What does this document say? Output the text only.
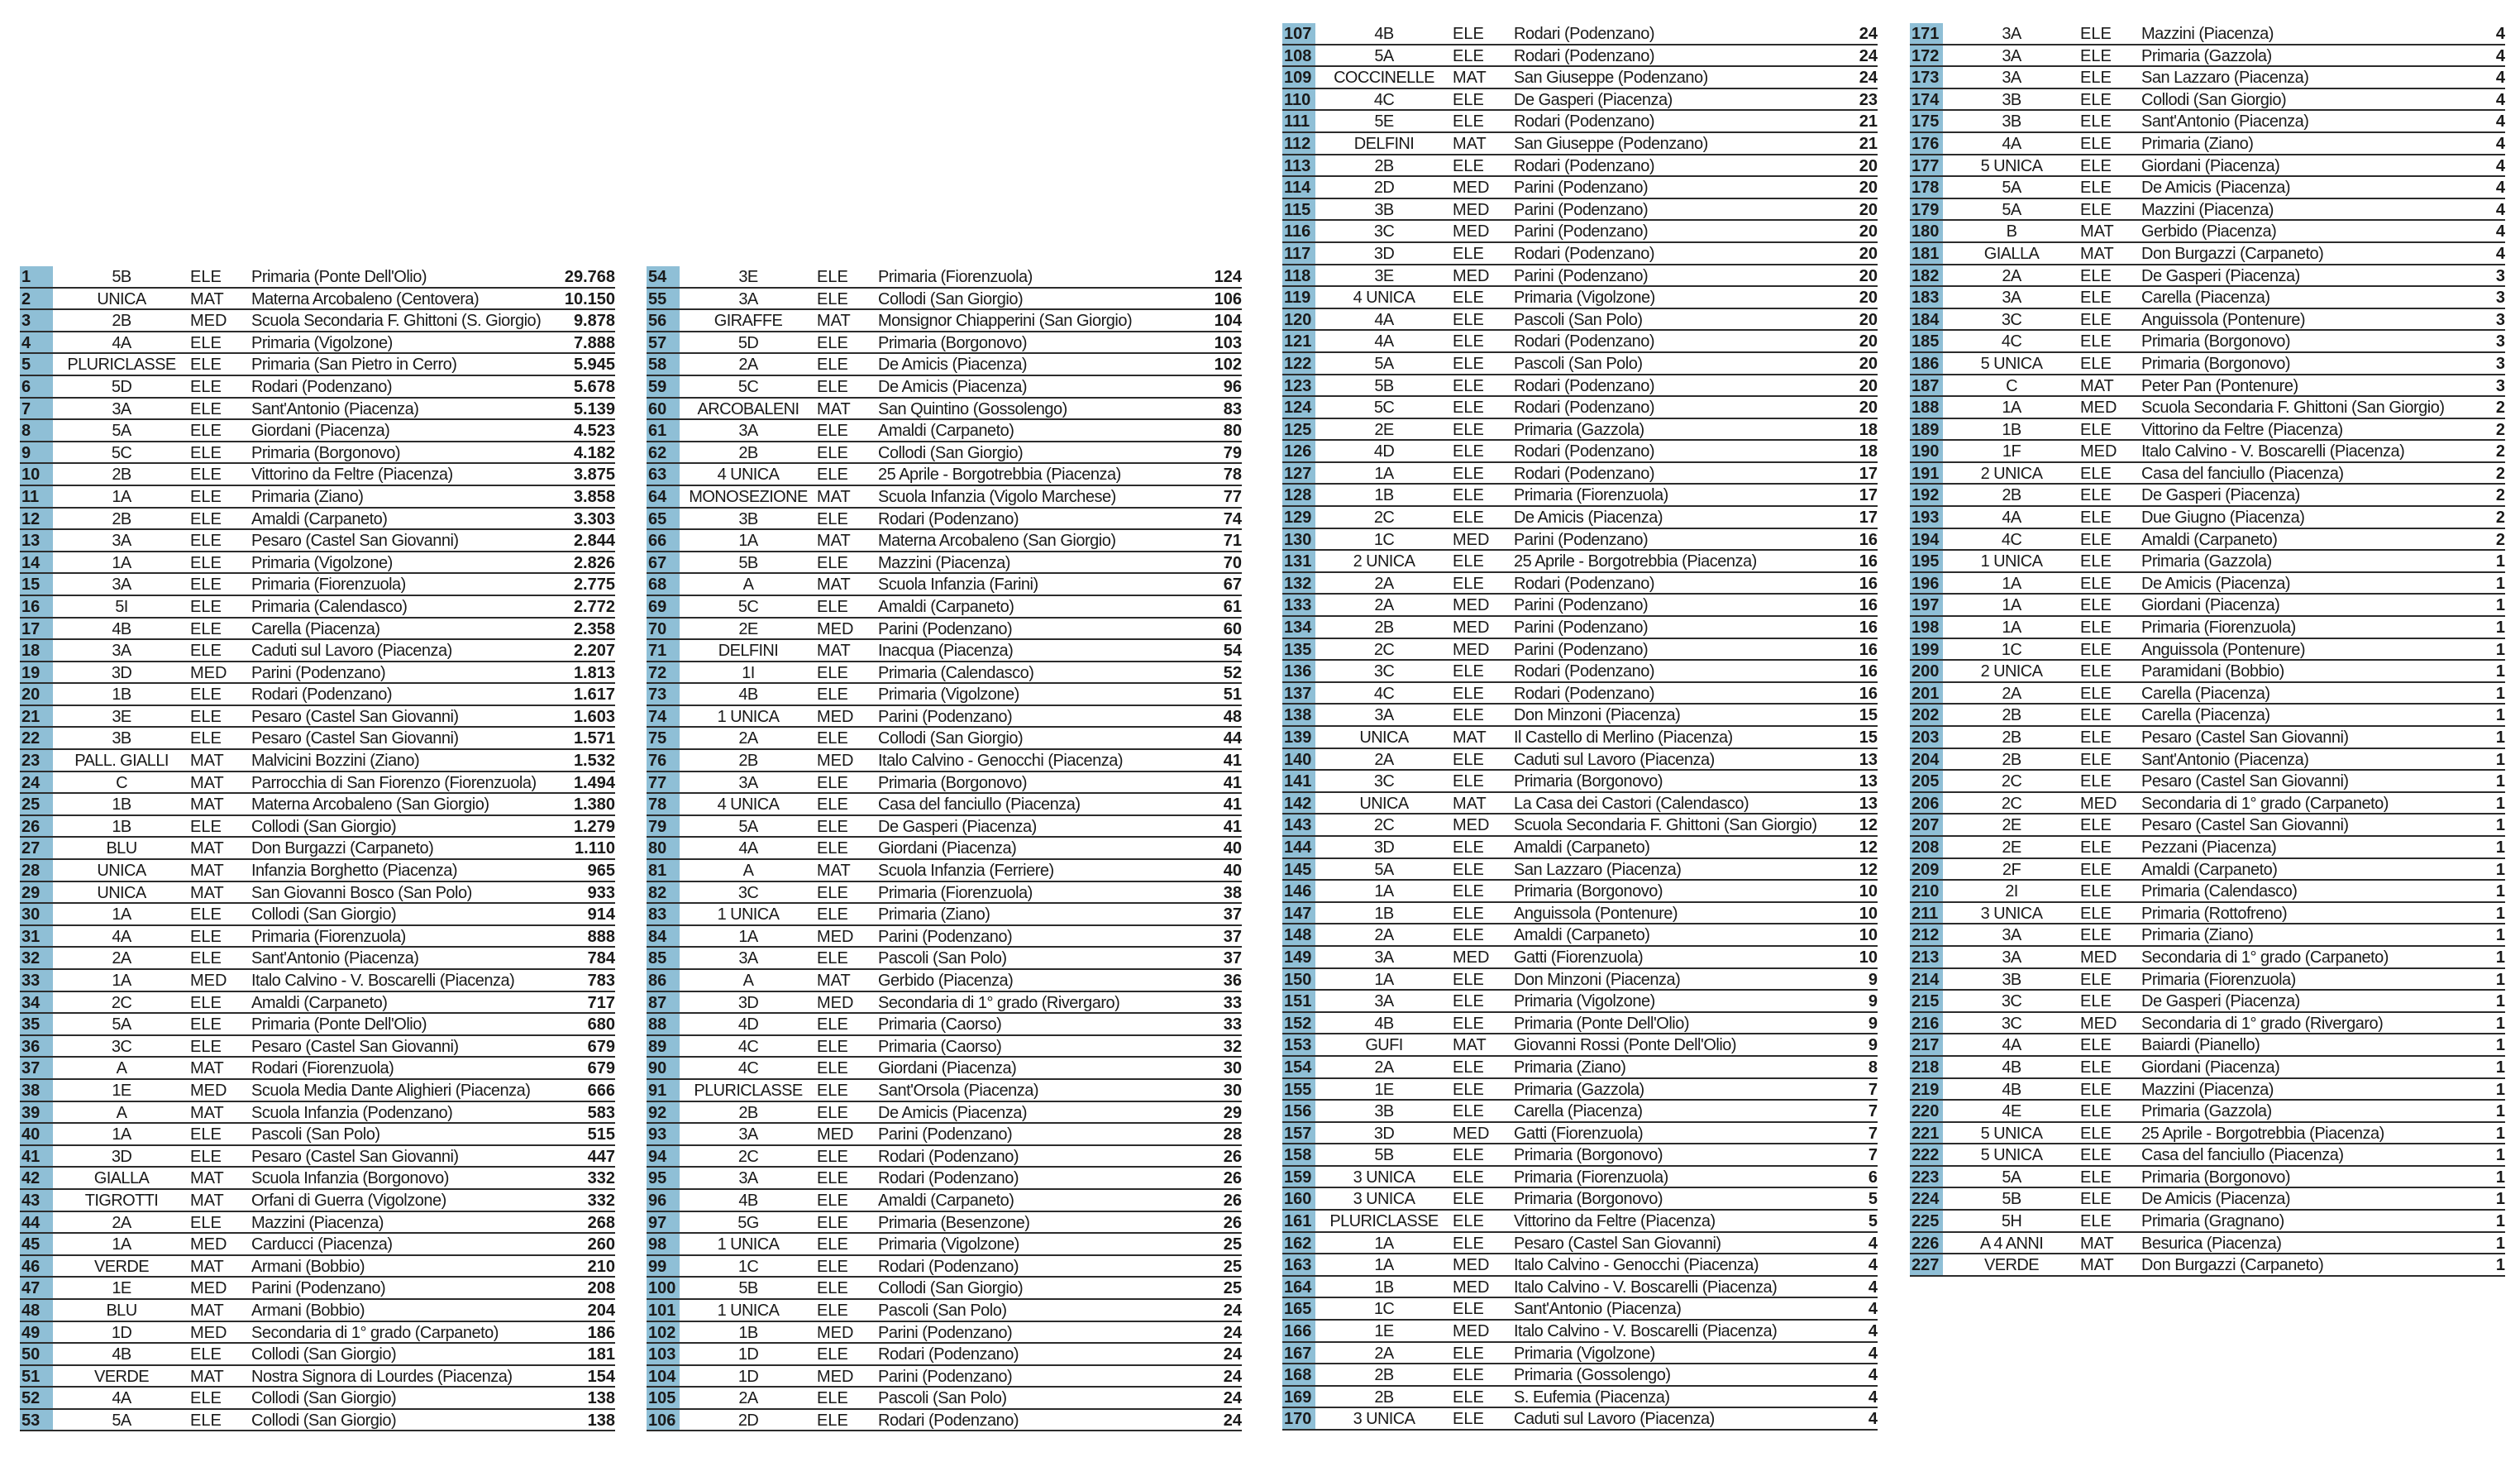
1	5B	ELE	Primaria (Ponte Dell'Olio)	29.768
2	UNICA	MAT	Materna Arcobaleno (Centovera)	10.150
3	2B	MED	Scuola Secondaria F. Ghittoni (S. Giorgio)	9.878
4	4A	ELE	Primaria (Vigolzone)	7.888
5	PLURICLASSE ELE	Primaria (San Pietro in Cerro)	5.945
6	5D	ELE	Rodari (Podenzano)	5.678
7	3A	ELE	Sant'Antonio (Piacenza)	5.139
8	5A	ELE	Giordani (Piacenza)	4.523
9	5C	ELE	Primaria (Borgonovo)	4.182
10	2B	ELE	Vittorino da Feltre (Piacenza)	3.875
11	1A	ELE	Primaria (Ziano)	3.858
12	2B	ELE	Amaldi (Carpaneto)	3.303
13	3A	ELE	Pesaro (Castel San Giovanni)	2.844
14	1A	ELE	Primaria (Vigolzone)	2.826
15	3A	ELE	Primaria (Fiorenzuola)	2.775
16	5I	ELE	Primaria (Calendasco)	2.772
17	4B	ELE	Carella (Piacenza)	2.358
18	3A	ELE	Caduti sul Lavoro (Piacenza)	2.207
19	3D	MED	Parini (Podenzano)	1.813
20	1B	ELE	Rodari (Podenzano)	1.617
21	3E	ELE	Pesaro (Castel San Giovanni)	1.603
22	3B	ELE	Pesaro (Castel San Giovanni)	1.571
23	PALL. GIALLI	MAT	Malvicini Bozzini (Ziano)	1.532
24	C	MAT	Parrocchia di San Fiorenzo (Fiorenzuola)	1.494
25	1B	MAT	Materna Arcobaleno (San Giorgio)	1.380
26	1B	ELE	Collodi (San Giorgio)	1.279
27	BLU	MAT	Don Burgazzi (Carpaneto)	1.110
28	UNICA	MAT	Infanzia Borghetto (Piacenza)	965
29	UNICA	MAT	San Giovanni Bosco (San Polo)	933
30	1A	ELE	Collodi (San Giorgio)	914
31	4A	ELE	Primaria (Fiorenzuola)	888
32	2A	ELE	Sant'Antonio (Piacenza)	784
33	1A	MED	Italo Calvino - V. Boscarelli (Piacenza)	783
34	2C	ELE	Amaldi (Carpaneto)	717
35	5A	ELE	Primaria (Ponte Dell'Olio)	680
36	3C	ELE	Pesaro (Castel San Giovanni)	679
37	A	MAT	Rodari (Fiorenzuola)	679
38	1E	MED	Scuola Media Dante Alighieri (Piacenza)	666
39	A	MAT	Scuola Infanzia (Podenzano)	583
40	1A	ELE	Pascoli (San Polo)	515
41	3D	ELE	Pesaro (Castel San Giovanni)	447
42	GIALLA	MAT	Scuola Infanzia (Borgonovo)	332
43	TIGROTTI	MAT	Orfani di Guerra (Vigolzone)	332
44	2A	ELE	Mazzini (Piacenza)	268
45	1A	MED	Carducci (Piacenza)	260
46	VERDE	MAT	Armani (Bobbio)	210
47	1E	MED	Parini (Podenzano)	208
48	BLU	MAT	Armani (Bobbio)	204
49	1D	MED	Secondaria di 1° grado (Carpaneto)	186
50	4B	ELE	Collodi (San Giorgio)	181
51	VERDE	MAT	Nostra Signora di Lourdes (Piacenza)	154
52	4A	ELE	Collodi (San Giorgio)	138
53	5A	ELE	Collodi (San Giorgio)	138
54	3E	ELE	Primaria (Fiorenzuola)	124
55	3A	ELE	Collodi (San Giorgio)	106
56	GIRAFFE	MAT	Monsignor Chiapperini (San Giorgio)	104
57	5D	ELE	Primaria (Borgonovo)	103
58	2A	ELE	De Amicis (Piacenza)	102
59	5C	ELE	De Amicis (Piacenza)	96
60	ARCOBALENI	MAT	San Quintino (Gossolengo)	83
61	3A	ELE	Amaldi (Carpaneto)	80
62	2B	ELE	Collodi (San Giorgio)	79
63	4 UNICA	ELE	25 Aprile - Borgotrebbia (Piacenza)	78
64	MONOSEZIONE MAT	Scuola Infanzia (Vigolo Marchese)	77
65	3B	ELE	Rodari (Podenzano)	74
66	1A	MAT	Materna Arcobaleno (San Giorgio)	71
67	5B	ELE	Mazzini (Piacenza)	70
68	A	MAT	Scuola Infanzia (Farini)	67
69	5C	ELE	Amaldi (Carpaneto)	61
70	2E	MED	Parini (Podenzano)	60
71	DELFINI	MAT	Inacqua (Piacenza)	54
72	1I	ELE	Primaria (Calendasco)	52
73	4B	ELE	Primaria (Vigolzone)	51
74	1 UNICA	MED	Parini (Podenzano)	48
75	2A	ELE	Collodi (San Giorgio)	44
76	2B	MED	Italo Calvino - Genocchi (Piacenza)	41
77	3A	ELE	Primaria (Borgonovo)	41
78	4 UNICA	ELE	Casa del fanciullo (Piacenza)	41
79	5A	ELE	De Gasperi (Piacenza)	41
80	4A	ELE	Giordani (Piacenza)	40
81	A	MAT	Scuola Infanzia (Ferriere)	40
82	3C	ELE	Primaria (Fiorenzuola)	38
83	1 UNICA	ELE	Primaria (Ziano)	37
84	1A	MED	Parini (Podenzano)	37
85	3A	ELE	Pascoli (San Polo)	37
86	A	MAT	Gerbido (Piacenza)	36
87	3D	MED	Secondaria di 1° grado (Rivergaro)	33
88	4D	ELE	Primaria (Caorso)	33
89	4C	ELE	Primaria (Caorso)	32
90	4C	ELE	Giordani (Piacenza)	30
91	PLURICLASSE ELE	Sant'Orsola (Piacenza)	30
92	2B	ELE	De Amicis (Piacenza)	29
93	3A	MED	Parini (Podenzano)	28
94	2C	ELE	Rodari (Podenzano)	26
95	3A	ELE	Rodari (Podenzano)	26
96	4B	ELE	Amaldi (Carpaneto)	26
97	5G	ELE	Primaria (Besenzone)	26
98	1 UNICA	ELE	Primaria (Vigolzone)	25
99	1C	ELE	Rodari (Podenzano)	25
100	5B	ELE	Collodi (San Giorgio)	25
101	1 UNICA	ELE	Pascoli (San Polo)	24
102	1B	MED	Parini (Podenzano)	24
103	1D	ELE	Rodari (Podenzano)	24
104	1D	MED	Parini (Podenzano)	24
105	2A	ELE	Pascoli (San Polo)	24
106	2D	ELE	Rodari (Podenzano)	24
107	4B	ELE	Rodari (Podenzano)	24
108	5A	ELE	Rodari (Podenzano)	24
109	COCCINELLE	MAT	San Giuseppe (Podenzano)	24
110	4C	ELE	De Gasperi (Piacenza)	23
111	5E	ELE	Rodari (Podenzano)	21
112	DELFINI	MAT	San Giuseppe (Podenzano)	21
113	2B	ELE	Rodari (Podenzano)	20
114	2D	MED	Parini (Podenzano)	20
115	3B	MED	Parini (Podenzano)	20
116	3C	MED	Parini (Podenzano)	20
117	3D	ELE	Rodari (Podenzano)	20
118	3E	MED	Parini (Podenzano)	20
119	4 UNICA	ELE	Primaria (Vigolzone)	20
120	4A	ELE	Pascoli (San Polo)	20
121	4A	ELE	Rodari (Podenzano)	20
122	5A	ELE	Pascoli (San Polo)	20
123	5B	ELE	Rodari (Podenzano)	20
124	5C	ELE	Rodari (Podenzano)	20
125	2E	ELE	Primaria (Gazzola)	18
126	4D	ELE	Rodari (Podenzano)	18
127	1A	ELE	Rodari (Podenzano)	17
128	1B	ELE	Primaria (Fiorenzuola)	17
129	2C	ELE	De Amicis (Piacenza)	17
130	1C	MED	Parini (Podenzano)	16
131	2 UNICA	ELE	25 Aprile - Borgotrebbia (Piacenza)	16
132	2A	ELE	Rodari (Podenzano)	16
133	2A	MED	Parini (Podenzano)	16
134	2B	MED	Parini (Podenzano)	16
135	2C	MED	Parini (Podenzano)	16
136	3C	ELE	Rodari (Podenzano)	16
137	4C	ELE	Rodari (Podenzano)	16
138	3A	ELE	Don Minzoni (Piacenza)	15
139	UNICA	MAT	Il Castello di Merlino (Piacenza)	15
140	2A	ELE	Caduti sul Lavoro (Piacenza)	13
141	3C	ELE	Primaria (Borgonovo)	13
142	UNICA	MAT	La Casa dei Castori (Calendasco)	13
143	2C	MED	Scuola Secondaria F. Ghittoni (San Giorgio)	12
144	3D	ELE	Amaldi (Carpaneto)	12
145	5A	ELE	San Lazzaro (Piacenza)	12
146	1A	ELE	Primaria (Borgonovo)	10
147	1B	ELE	Anguissola (Pontenure)	10
148	2A	ELE	Amaldi (Carpaneto)	10
149	3A	MED	Gatti (Fiorenzuola)	10
150	1A	ELE	Don Minzoni (Piacenza)	9
151	3A	ELE	Primaria (Vigolzone)	9
152	4B	ELE	Primaria (Ponte Dell'Olio)	9
153	GUFI	MAT	Giovanni Rossi (Ponte Dell'Olio)	9
154	2A	ELE	Primaria (Ziano)	8
155	1E	ELE	Primaria (Gazzola)	7
156	3B	ELE	Carella (Piacenza)	7
157	3D	MED	Gatti (Fiorenzuola)	7
158	5B	ELE	Primaria (Borgonovo)	7
159	3 UNICA	ELE	Primaria (Fiorenzuola)	6
160	3 UNICA	ELE	Primaria (Borgonovo)	5
161	PLURICLASSE ELE	Vittorino da Feltre (Piacenza)	5
162	1A	ELE	Pesaro (Castel San Giovanni)	4
163	1A	MED	Italo Calvino - Genocchi (Piacenza)	4
164	1B	MED	Italo Calvino - V. Boscarelli (Piacenza)	4
165	1C	ELE	Sant'Antonio (Piacenza)	4
166	1E	MED	Italo Calvino - V. Boscarelli (Piacenza)	4
167	2A	ELE	Primaria (Vigolzone)	4
168	2B	ELE	Primaria (Gossolengo)	4
169	2B	ELE	S. Eufemia (Piacenza)	4
170	3 UNICA	ELE	Caduti sul Lavoro (Piacenza)	4
171	3A	ELE	Mazzini (Piacenza)	4
172	3A	ELE	Primaria (Gazzola)	4
173	3A	ELE	San Lazzaro (Piacenza)	4
174	3B	ELE	Collodi (San Giorgio)	4
175	3B	ELE	Sant'Antonio (Piacenza)	4
176	4A	ELE	Primaria (Ziano)	4
177	5 UNICA	ELE	Giordani (Piacenza)	4
178	5A	ELE	De Amicis (Piacenza)	4
179	5A	ELE	Mazzini (Piacenza)	4
180	B	MAT	Gerbido (Piacenza)	4
181	GIALLA	MAT	Don Burgazzi (Carpaneto)	4
182	2A	ELE	De Gasperi (Piacenza)	3
183	3A	ELE	Carella (Piacenza)	3
184	3C	ELE	Anguissola (Pontenure)	3
185	4C	ELE	Primaria (Borgonovo)	3
186	5 UNICA	ELE	Primaria (Borgonovo)	3
187	C	MAT	Peter Pan (Pontenure)	3
188	1A	MED	Scuola Secondaria F. Ghittoni (San Giorgio)	2
189	1B	ELE	Vittorino da Feltre (Piacenza)	2
190	1F	MED	Italo Calvino - V. Boscarelli (Piacenza)	2
191	2 UNICA	ELE	Casa del fanciullo (Piacenza)	2
192	2B	ELE	De Gasperi (Piacenza)	2
193	4A	ELE	Due Giugno (Piacenza)	2
194	4C	ELE	Amaldi (Carpaneto)	2
195	1 UNICA	ELE	Primaria (Gazzola)	1
196	1A	ELE	De Amicis (Piacenza)	1
197	1A	ELE	Giordani (Piacenza)	1
198	1A	ELE	Primaria (Fiorenzuola)	1
199	1C	ELE	Anguissola (Pontenure)	1
200	2 UNICA	ELE	Paramidani (Bobbio)	1
201	2A	ELE	Carella (Piacenza)	1
202	2B	ELE	Carella (Piacenza)	1
203	2B	ELE	Pesaro (Castel San Giovanni)	1
204	2B	ELE	Sant'Antonio (Piacenza)	1
205	2C	ELE	Pesaro (Castel San Giovanni)	1
206	2C	MED	Secondaria di 1° grado (Carpaneto)	1
207	2E	ELE	Pesaro (Castel San Giovanni)	1
208	2E	ELE	Pezzani (Piacenza)	1
209	2F	ELE	Amaldi (Carpaneto)	1
210	2I	ELE	Primaria (Calendasco)	1
211	3 UNICA	ELE	Primaria (Rottofreno)	1
212	3A	ELE	Primaria (Ziano)	1
213	3A	MED	Secondaria di 1° grado (Carpaneto)	1
214	3B	ELE	Primaria (Fiorenzuola)	1
215	3C	ELE	De Gasperi (Piacenza)	1
216	3C	MED	Secondaria di 1° grado (Rivergaro)	1
217	4A	ELE	Baiardi (Pianello)	1
218	4B	ELE	Giordani (Piacenza)	1
219	4B	ELE	Mazzini (Piacenza)	1
220	4E	ELE	Primaria (Gazzola)	1
221	5 UNICA	ELE	25 Aprile - Borgotrebbia (Piacenza)	1
222	5 UNICA	ELE	Casa del fanciullo (Piacenza)	1
223	5A	ELE	Primaria (Borgonovo)	1
224	5B	ELE	De Amicis (Piacenza)	1
225	5H	ELE	Primaria (Gragnano)	1
226	A 4 ANNI	MAT	Besurica (Piacenza)	1
227	VERDE	MAT	Don Burgazzi (Carpaneto)	1
